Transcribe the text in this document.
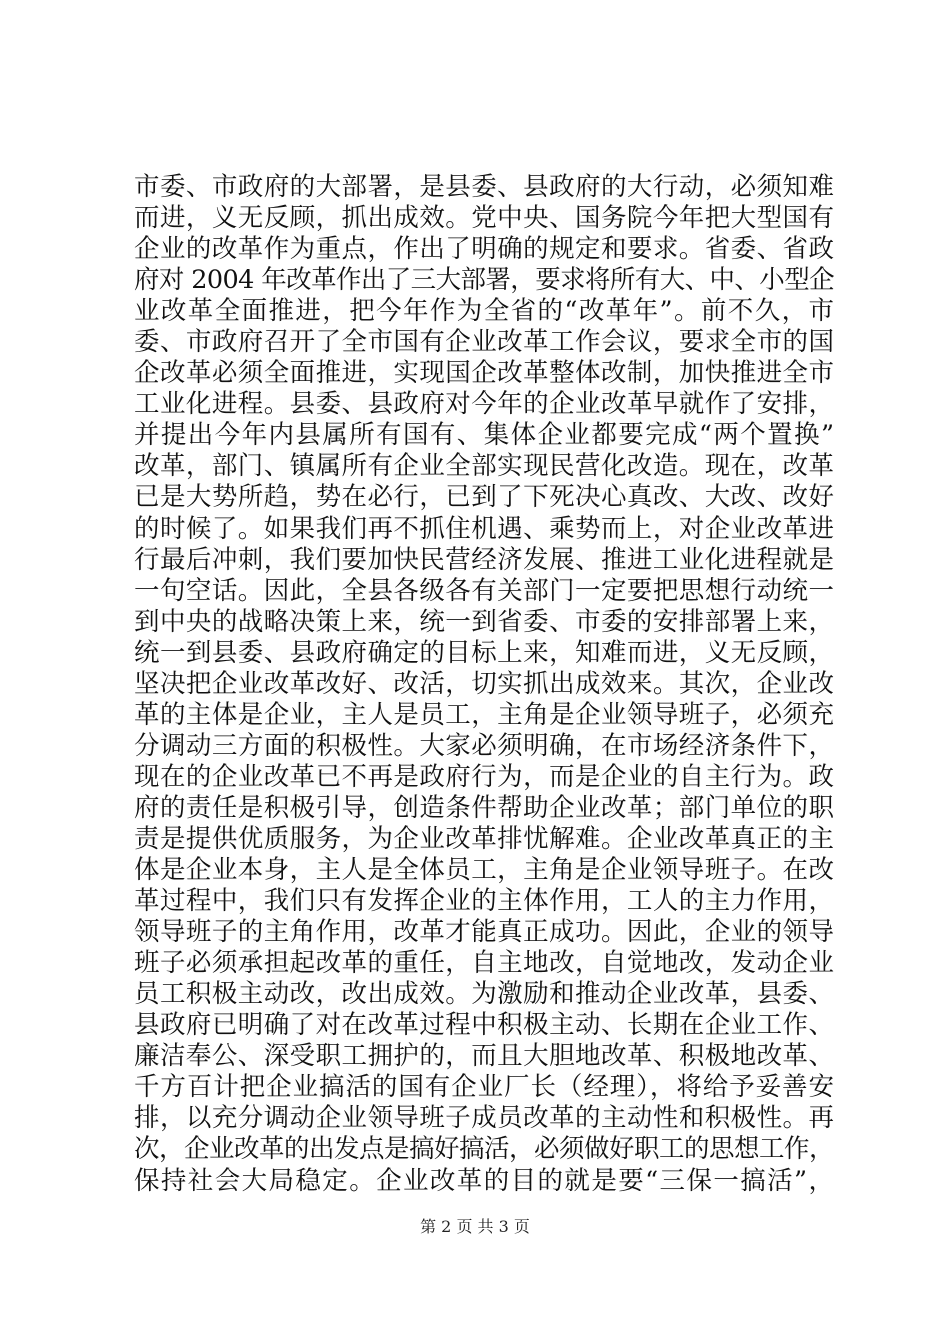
市委、市政府的大部署，是县委、县政府的大行动，必须知难
而进，义无反顾，抓出成效。党中央、国务院今年把大型国有
企业的改革作为重点，作出了明确的规定和要求。省委、省政
府对 2004 年改革作出了三大部署，要求将所有大、中、小型企
业改革全面推进，把今年作为全省的“改革年”。前不久，市
委、市政府召开了全市国有企业改革工作会议，要求全市的国
企改革必须全面推进，实现国企改革整体改制，加快推进全市
工业化进程。县委、县政府对今年的企业改革早就作了安排，
并提出今年内县属所有国有、集体企业都要完成“两个置换”
改革，部门、镇属所有企业全部实现民营化改造。现在，改革
已是大势所趋，势在必行，已到了下死决心真改、大改、改好
的时候了。如果我们再不抓住机遇、乘势而上，对企业改革进
行最后冲刺，我们要加快民营经济发展、推进工业化进程就是
一句空话。因此，全县各级各有关部门一定要把思想行动统一
到中央的战略决策上来，统一到省委、市委的安排部署上来，
统一到县委、县政府确定的目标上来，知难而进，义无反顾，
坚决把企业改革改好、改活，切实抓出成效来。其次，企业改
革的主体是企业，主人是员工，主角是企业领导班子，必须充
分调动三方面的积极性。大家必须明确，在市场经济条件下，
现在的企业改革已不再是政府行为，而是企业的自主行为。政
府的责任是积极引导，创造条件帮助企业改革；部门单位的职
责是提供优质服务，为企业改革排忧解难。企业改革真正的主
体是企业本身，主人是全体员工，主角是企业领导班子。在改
革过程中，我们只有发挥企业的主体作用，工人的主力作用，
领导班子的主角作用，改革才能真正成功。因此，企业的领导
班子必须承担起改革的重任，自主地改，自觉地改，发动企业
员工积极主动改，改出成效。为激励和推动企业改革，县委、
县政府已明确了对在改革过程中积极主动、长期在企业工作、
廉洁奉公、深受职工拥护的，而且大胆地改革、积极地改革、
千方百计把企业搞活的国有企业厂长（经理），将给予妥善安
排，以充分调动企业领导班子成员改革的主动性和积极性。再
次，企业改革的出发点是搞好搞活，必须做好职工的思想工作，
保持社会大局稳定。企业改革的目的就是要“三保一搞活”，
第 2 页 共 3 页
